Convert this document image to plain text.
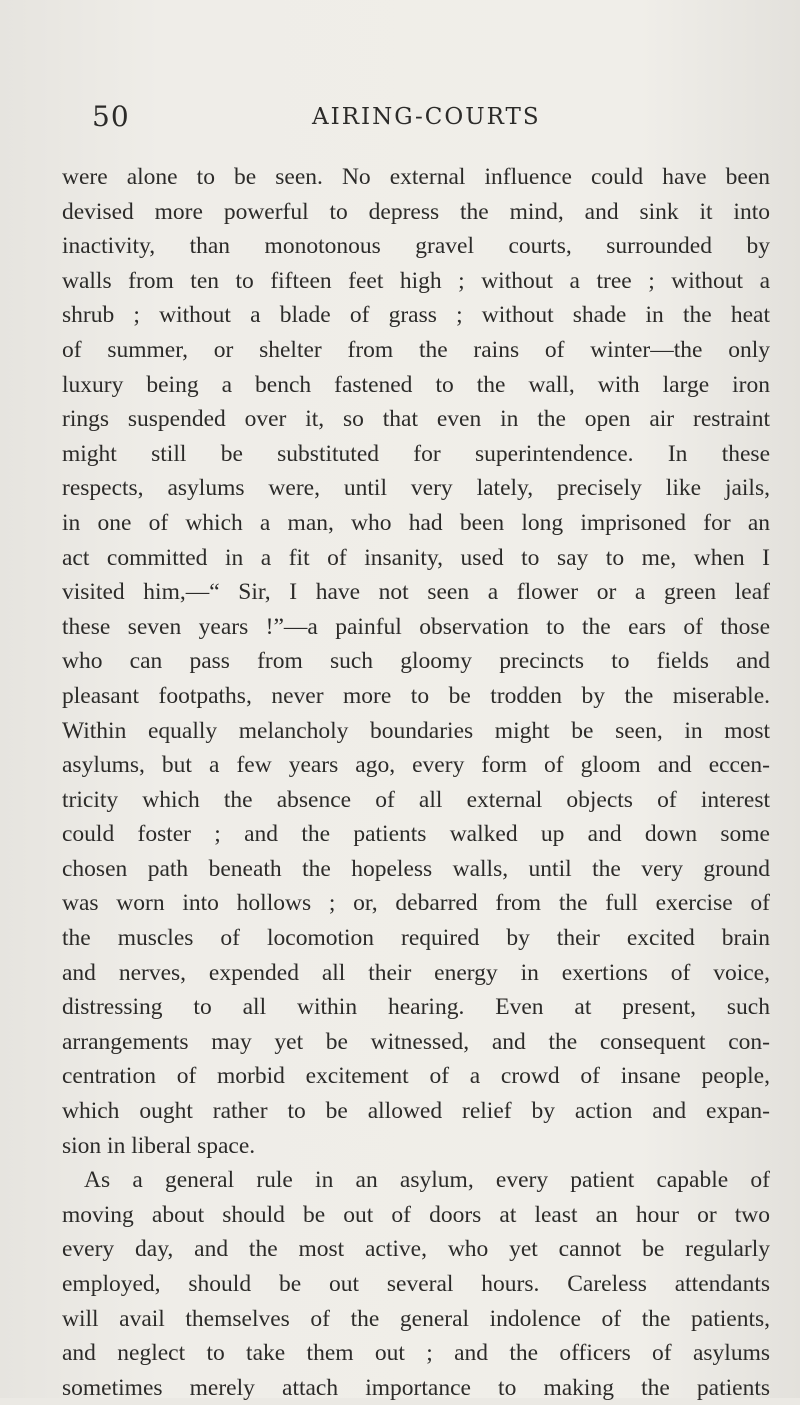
50	AIRING-COURTS
were alone to be seen. No external influence could have been
devised more powerful to depress the mind, and sink it into
inactivity, than monotonous gravel courts, surrounded by
walls from ten to fifteen feet high ; without a tree ; without a
shrub ; without a blade of grass ; without shade in the heat
of summer, or shelter from the rains of winter—the only
luxury being a bench fastened to the wall, with large iron
rings suspended over it, so that even in the open air restraint
might still be substituted for superintendence. In these
respects, asylums were, until very lately, precisely like jails,
in one of which a man, who had been long imprisoned for an
act committed in a fit of insanity, used to say to me, when I
visited him,—“ Sir, I have not seen a flower or a green leaf
these seven years !”—a painful observation to the ears of those
who can pass from such gloomy precincts to fields and
pleasant footpaths, never more to be trodden by the miserable.
Within equally melancholy boundaries might be seen, in most
asylums, but a few years ago, every form of gloom and eccen-
tricity which the absence of all external objects of interest
could foster ; and the patients walked up and down some
chosen path beneath the hopeless walls, until the very ground
was worn into hollows ; or, debarred from the full exercise of
the muscles of locomotion required by their excited brain
and nerves, expended all their energy in exertions of voice,
distressing to all within hearing. Even at present, such
arrangements may yet be witnessed, and the consequent con-
centration of morbid excitement of a crowd of insane people,
which ought rather to be allowed relief by action and expan-
sion in liberal space.
As a general rule in an asylum, every patient capable of
moving about should be out of doors at least an hour or two
every day, and the most active, who yet cannot be regularly
employed, should be out several hours. Careless attendants
will avail themselves of the general indolence of the patients,
and neglect to take them out ; and the officers of asylums
sometimes merely attach importance to making the patients
